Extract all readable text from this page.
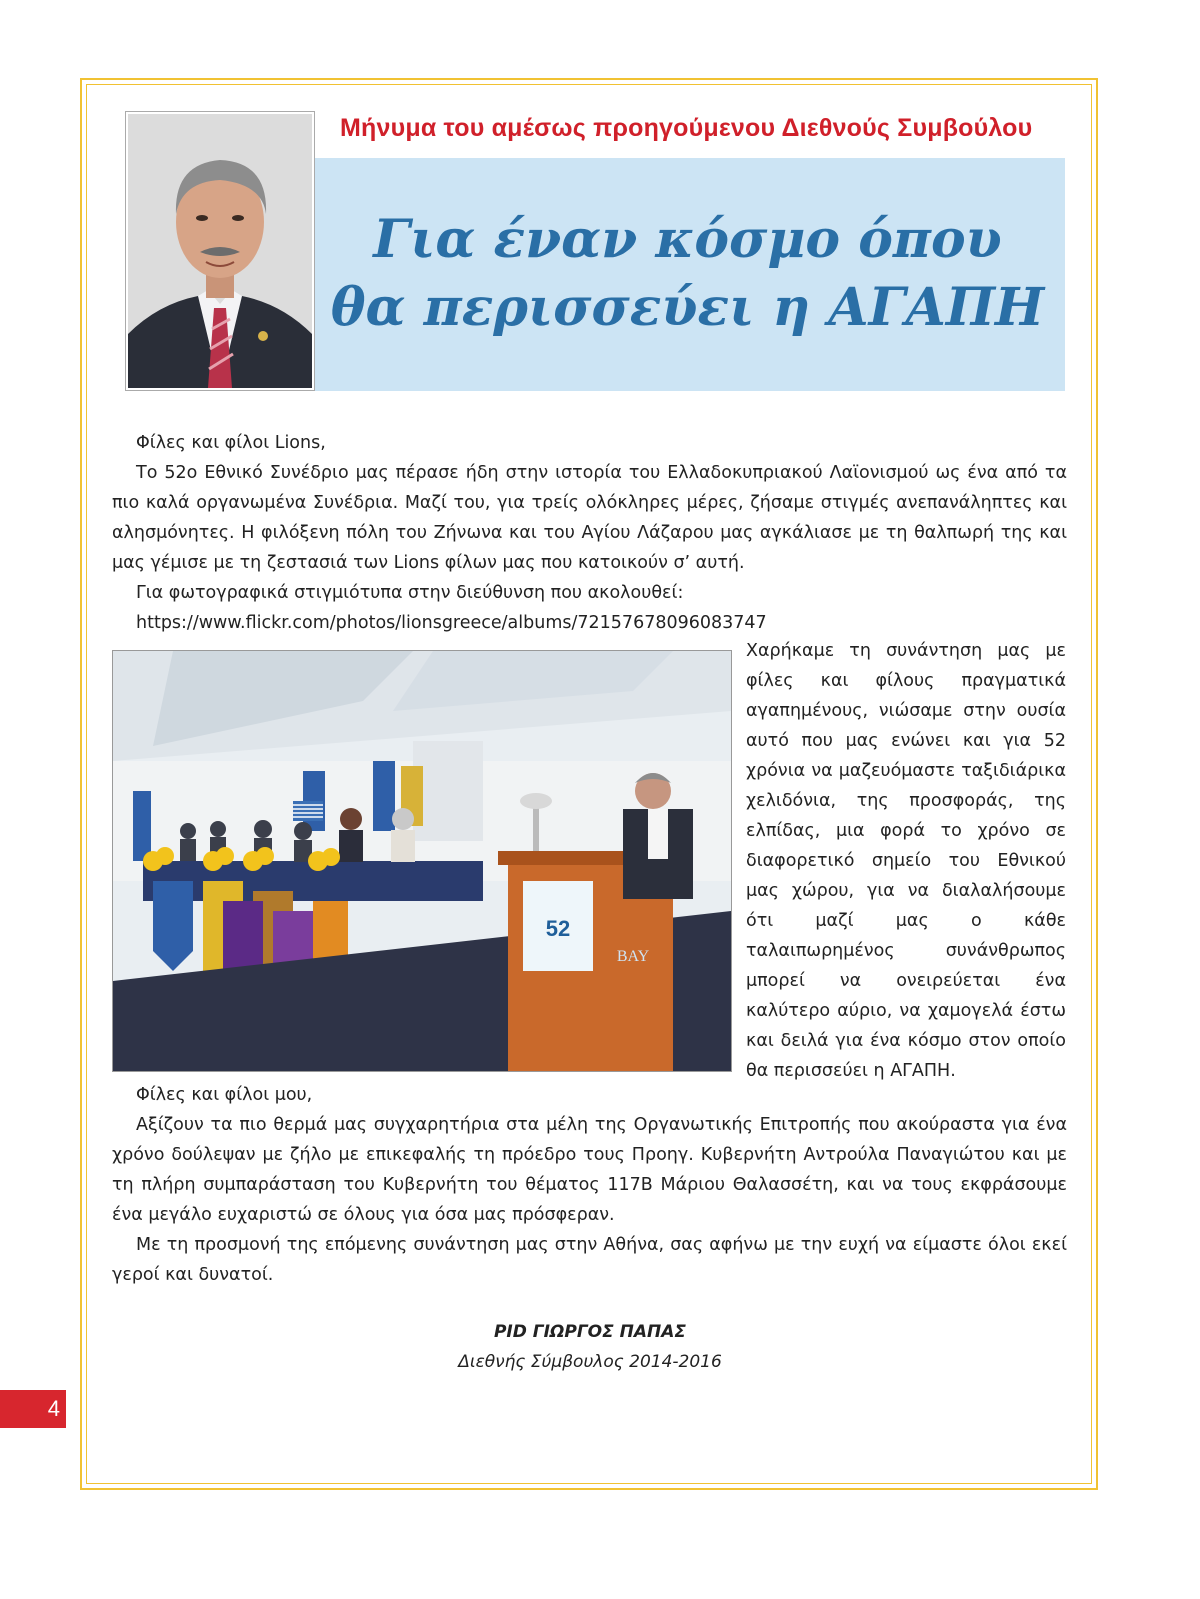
Μήνυμα του αμέσως προηγούμενου Διεθνούς Συμβούλου
Για έναν κόσμο όπου
θα περισσεύει η ΑΓΑΠΗ
Φίλες και φίλοι Lions,
Το 52ο Εθνικό Συνέδριο μας πέρασε ήδη στην ιστορία του Ελλαδοκυπριακού Λαϊονισμού ως ένα από τα πιο καλά οργανωμένα Συνέδρια. Μαζί του, για τρείς ολόκληρες μέρες, ζήσαμε στιγμές ανεπανάληπτες και αλησμόνητες. Η φιλόξενη πόλη του Ζήνωνα και του Αγίου Λάζαρου μας αγκάλιασε με τη θαλπωρή της και μας γέμισε με τη ζεστασιά των Lions φίλων μας που κατοικούν σ’ αυτή.
Για φωτογραφικά στιγμιότυπα στην διεύθυνση που ακολουθεί:
https://www.flickr.com/photos/lionsgreece/albums/72157678096083747
52
BAY
Χαρήκαμε τη συνάντηση μας με φίλες και φίλους πραγματικά αγαπημένους, νιώσαμε στην ουσία αυτό που μας ενώνει και για 52 χρόνια να μαζευόμαστε ταξιδιάρικα χελιδόνια, της προσφοράς, της ελπίδας, μια φορά το χρόνο σε διαφορετικό σημείο του Εθνικού μας χώρου, για να διαλαλήσουμε ότι μαζί μας ο κάθε ταλαιπωρημένος συνάνθρωπος μπορεί να ονειρεύεται ένα καλύτερο αύριο, να χαμογελά έστω και δειλά για ένα κόσμο στον οποίο θα περισσεύει η ΑΓΑΠΗ.
Φίλες και φίλοι μου,
Αξίζουν τα πιο θερμά μας συγχαρητήρια στα μέλη της Οργανωτικής Επιτροπής που ακούραστα για ένα χρόνο δούλεψαν με ζήλο με επικεφαλής τη πρόεδρο τους Προηγ. Κυβερνήτη Αντρούλα Παναγιώτου και με τη πλήρη συμπαράσταση του Κυβερνήτη του θέματος 117Β Μάριου Θαλασσέτη, και να τους εκφράσουμε ένα μεγάλο ευχαριστώ σε όλους για όσα μας πρόσφεραν.
Με τη προσμονή της επόμενης συνάντηση μας στην Αθήνα, σας αφήνω με την ευχή να είμαστε όλοι εκεί γεροί και δυνατοί.
PID ΓΙΩΡΓΟΣ ΠΑΠΑΣ
Διεθνής Σύμβουλος 2014-2016
4
